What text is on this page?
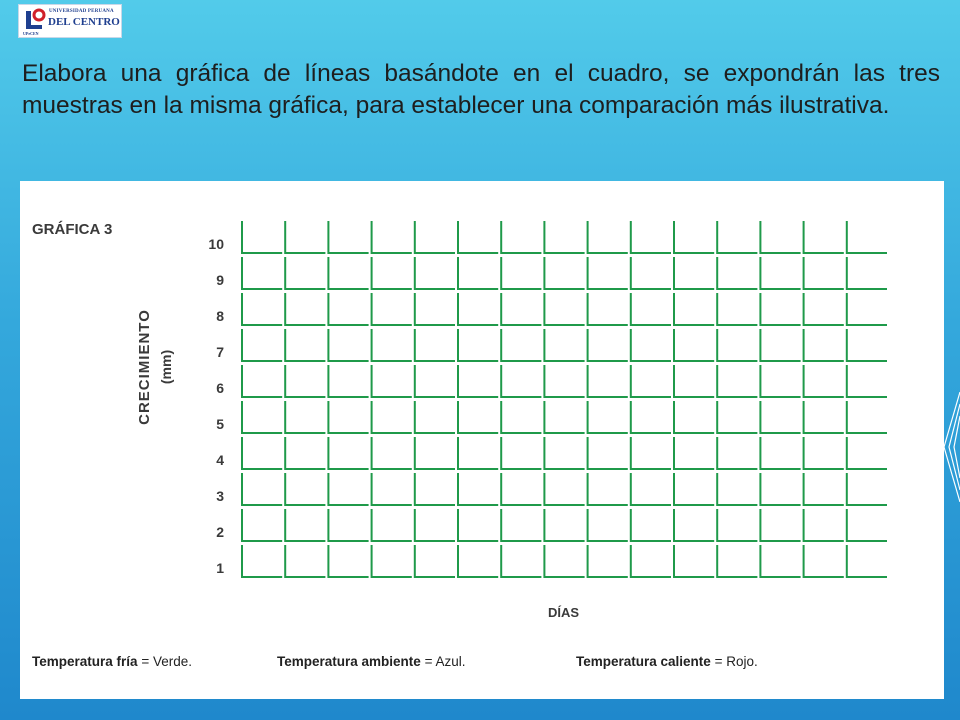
UNIVERSIDAD PERUANA
DEL CENTRO
UPeCEN

Elabora una gráfica de líneas basándote en el cuadro, se expondrán las tres muestras en la misma gráfica, para establecer una comparación más ilustrativa.

GRÁFICA 3
CRECIMIENTO (mm)
1
2
3
4
5
6
7
8
9
10
DÍAS
Temperatura fría = Verde.	Temperatura ambiente = Azul.	Temperatura caliente = Rojo.
